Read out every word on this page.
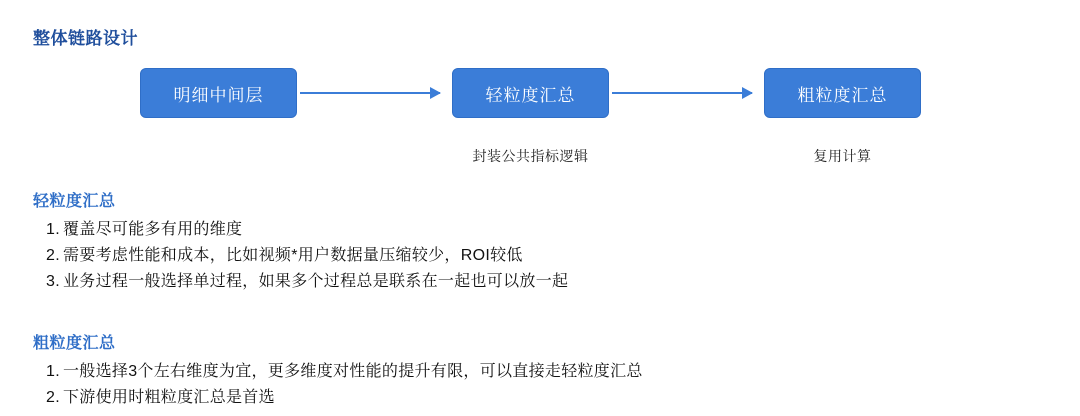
整体链路设计
明细中间层	轻粒度汇总	粗粒度汇总
封装公共指标逻辑	复用计算
轻粒度汇总
1. 覆盖尽可能多有用的维度
2. 需要考虑性能和成本，比如视频*用户数据量压缩较少，ROI较低
3. 业务过程一般选择单过程，如果多个过程总是联系在一起也可以放一起
粗粒度汇总
1. 一般选择3个左右维度为宜，更多维度对性能的提升有限，可以直接走轻粒度汇总
2. 下游使用时粗粒度汇总是首选
